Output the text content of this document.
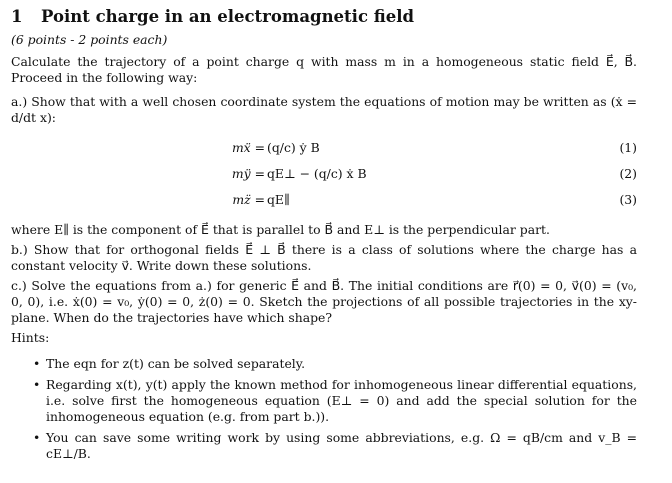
1 Point charge in an electromagnetic field
(6 points - 2 points each)

Calculate the trajectory of a point charge q with mass m in a homogeneous static field E⃗, B⃗. Proceed in the following way:

a.) Show that with a well chosen coordinate system the equations of motion may be written as (ẋ = d/dt x):

mẍ = (q/c) ẏ B	(1)
mÿ = qE⊥ − (q/c) ẋ B	(2)
mz̈ = qE∥	(3)

where E∥ is the component of E⃗ that is parallel to B⃗ and E⊥ is the perpendicular part.

b.) Show that for orthogonal fields E⃗ ⊥ B⃗ there is a class of solutions where the charge has a constant velocity v⃗. Write down these solutions.

c.) Solve the equations from a.) for generic E⃗ and B⃗. The initial conditions are r⃗(0) = 0, v⃗(0) = (v₀, 0, 0), i.e. ẋ(0) = v₀, ẏ(0) = 0, ż(0) = 0. Sketch the projections of all possible trajectories in the xy-plane. When do the trajectories have which shape?

Hints:
• The eqn for z(t) can be solved separately.
• Regarding x(t), y(t) apply the known method for inhomogeneous linear differential equations, i.e. solve first the homogeneous equation (E⊥ = 0) and add the special solution for the inhomogeneous equation (e.g. from part b.)).
• You can save some writing work by using some abbreviations, e.g. Ω = qB/cm and v_B = cE⊥/B.
